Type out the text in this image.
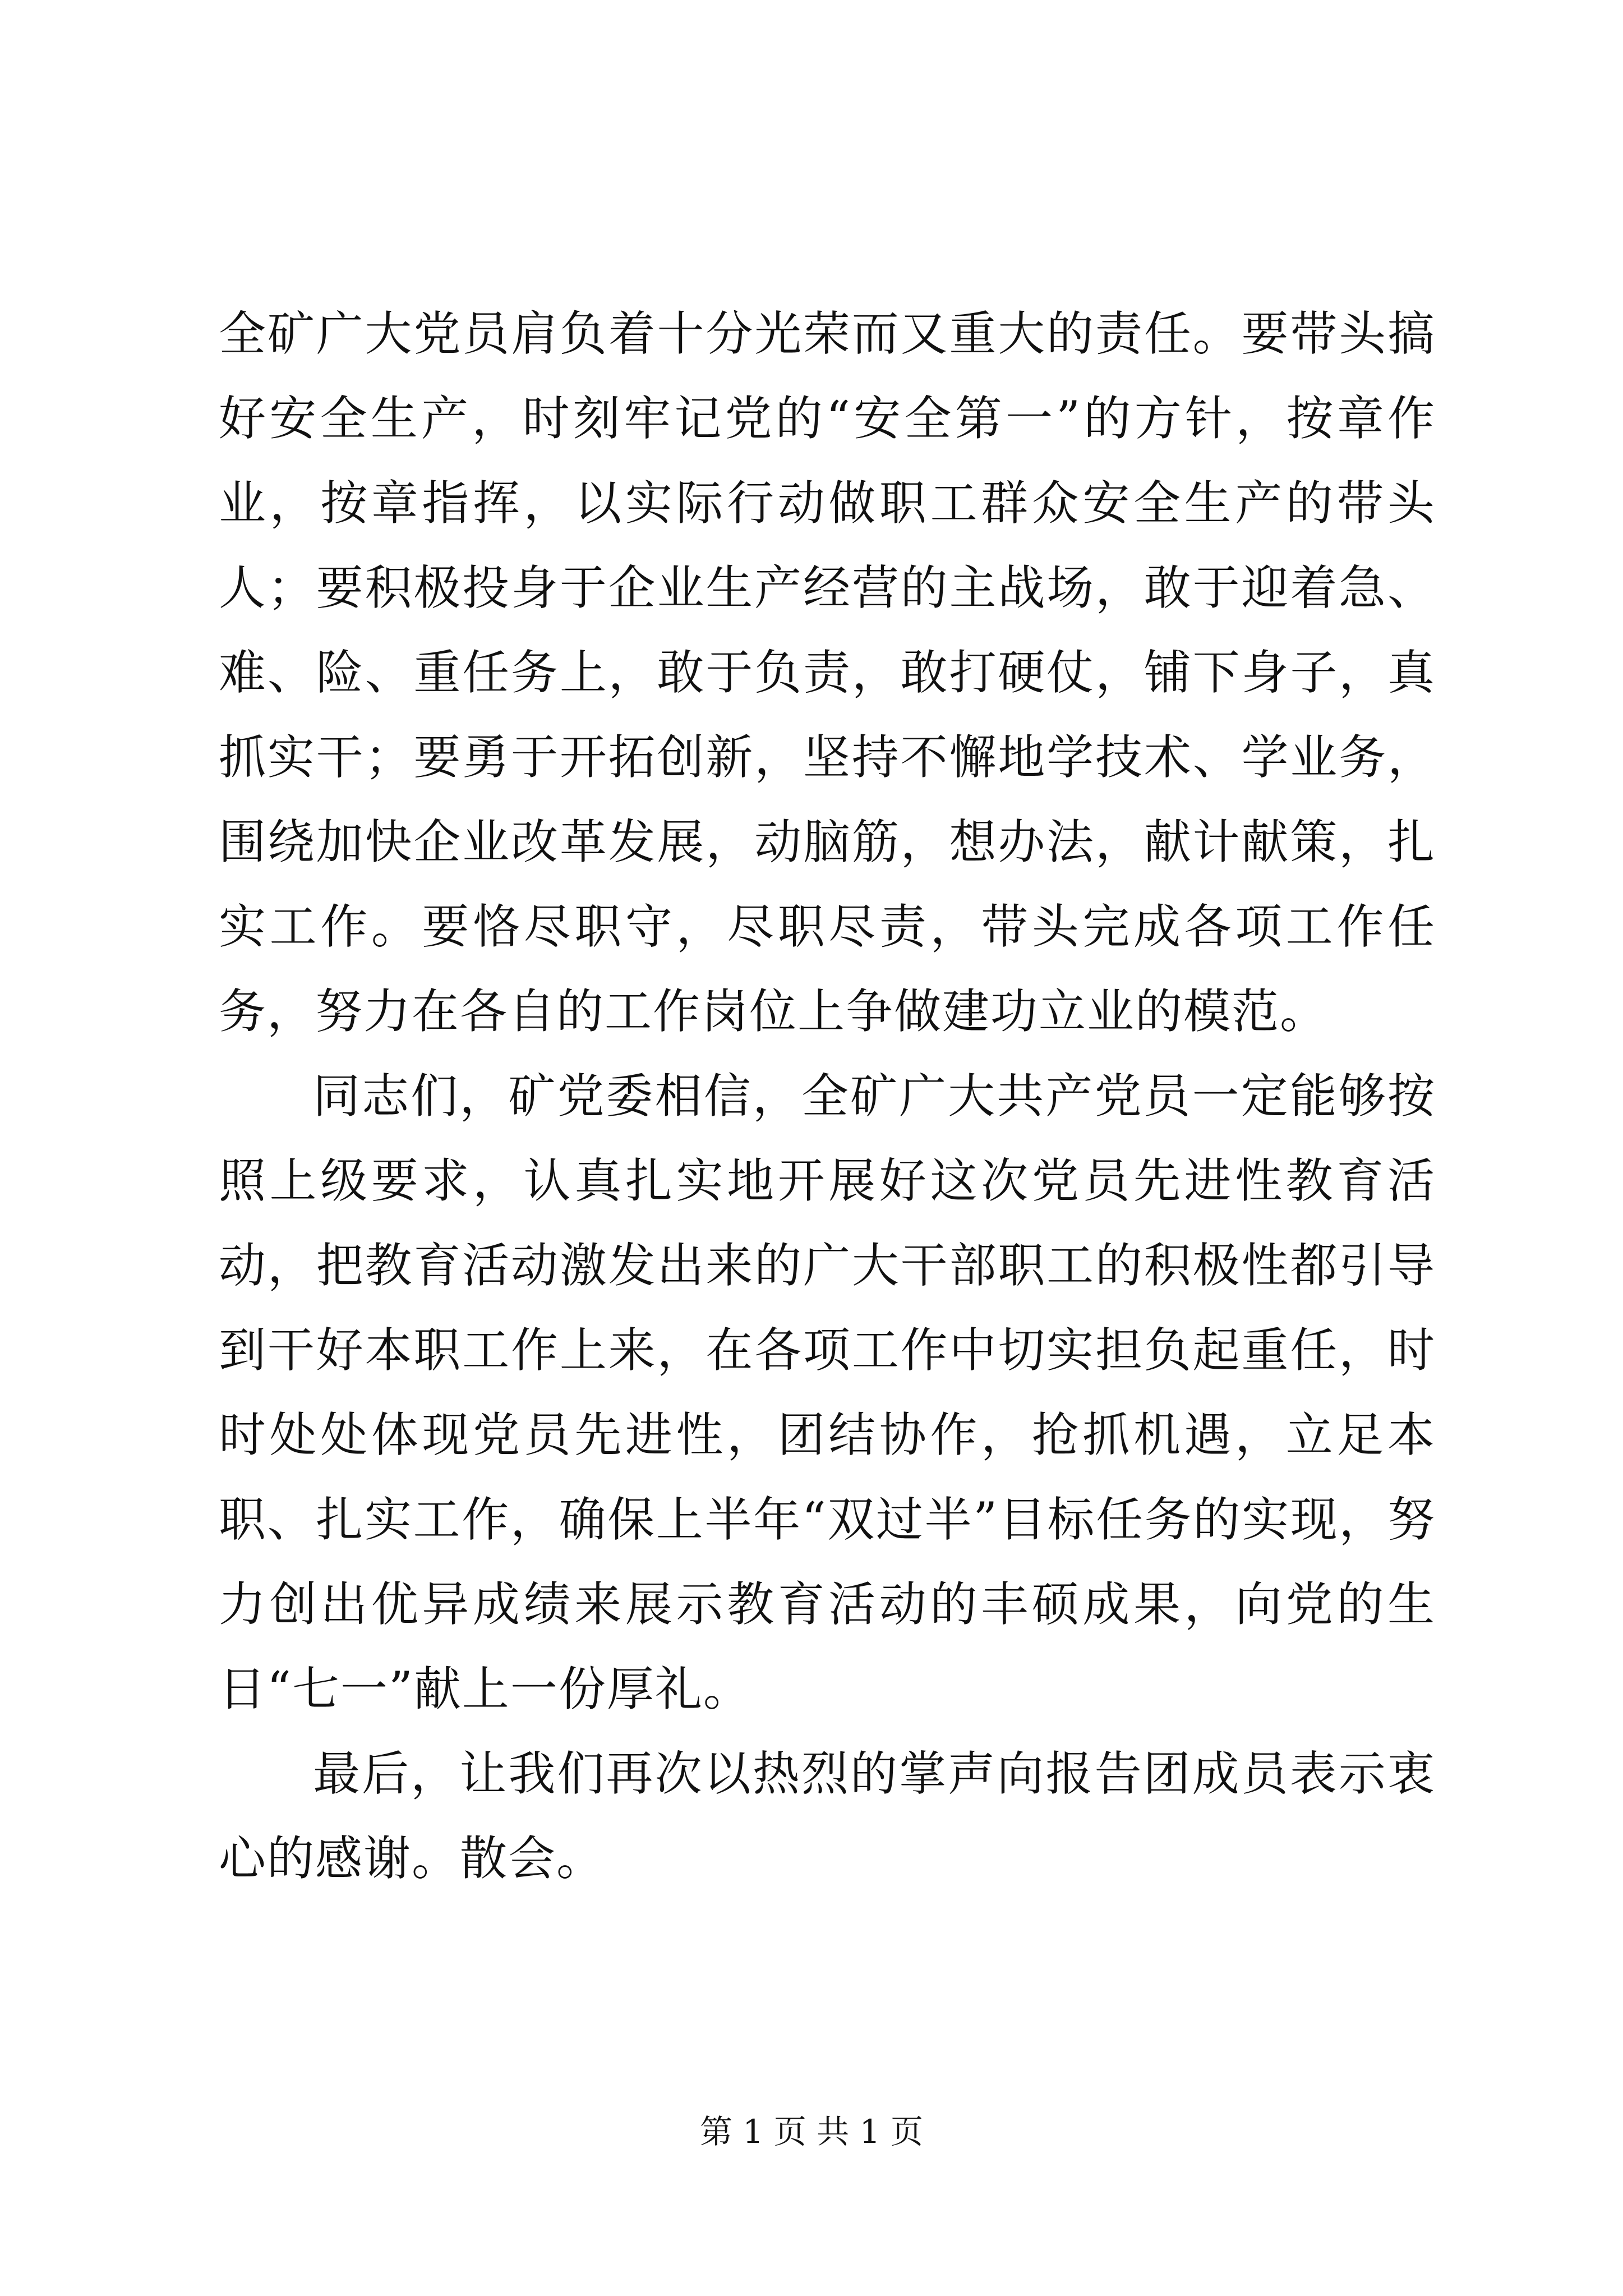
全矿广大党员肩负着十分光荣而又重大的责任。要带头搞好安全生产，时刻牢记党的“安全第一”的方针，按章作业，按章指挥，以实际行动做职工群众安全生产的带头人；要积极投身于企业生产经营的主战场，敢于迎着急、难、险、重任务上，敢于负责，敢打硬仗，铺下身子，真抓实干；要勇于开拓创新，坚持不懈地学技术、学业务，围绕加快企业改革发展，动脑筋，想办法，献计献策，扎实工作。要恪尽职守，尽职尽责，带头完成各项工作任务，努力在各自的工作岗位上争做建功立业的模范。

同志们，矿党委相信，全矿广大共产党员一定能够按照上级要求，认真扎实地开展好这次党员先进性教育活动，把教育活动激发出来的广大干部职工的积极性都引导到干好本职工作上来，在各项工作中切实担负起重任，时时处处体现党员先进性，团结协作，抢抓机遇，立足本职、扎实工作，确保上半年“双过半”目标任务的实现，努力创出优异成绩来展示教育活动的丰硕成果，向党的生日“七一”献上一份厚礼。

最后，让我们再次以热烈的掌声向报告团成员表示衷心的感谢。散会。

第 1 页 共 1 页
